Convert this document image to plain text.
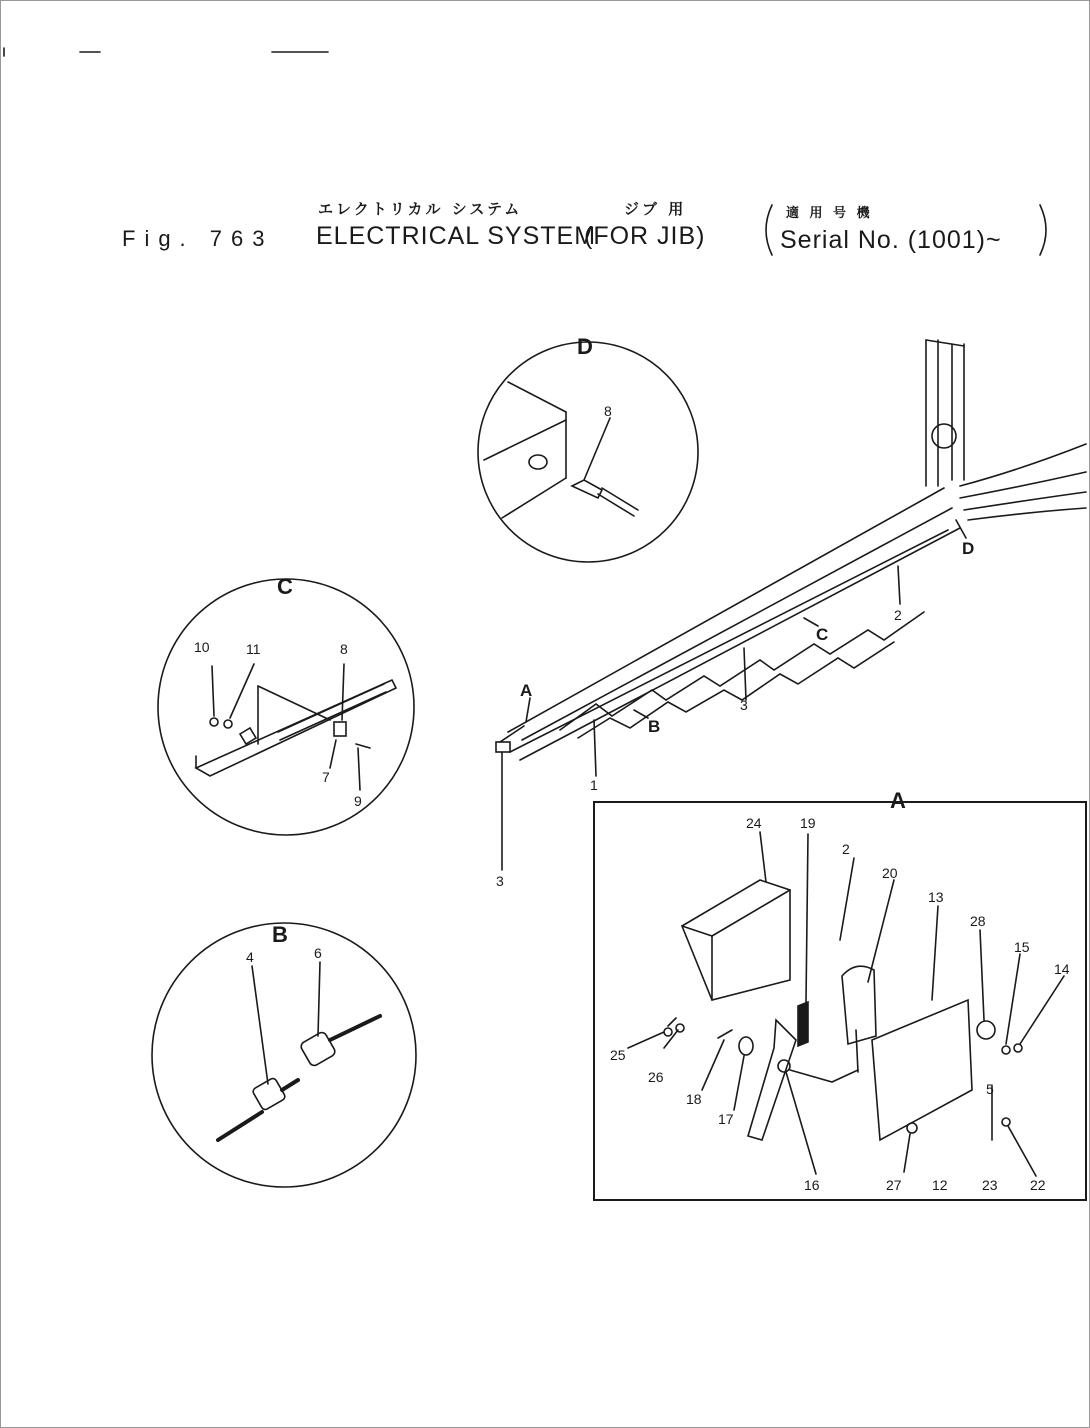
エレクトリカル システム	ジブ 用	適 用 号 機
Fig. 763 ELECTRICAL SYSTEM
(FOR JIB)	Serial No. (1001)~
D
8
C
10	11	8
7
9
B
4	6
A
24	19
2
20
13
28
15
14
25
26
18
17
16	27 12 23 22
5
A
B
C
D
2
3
1
3
